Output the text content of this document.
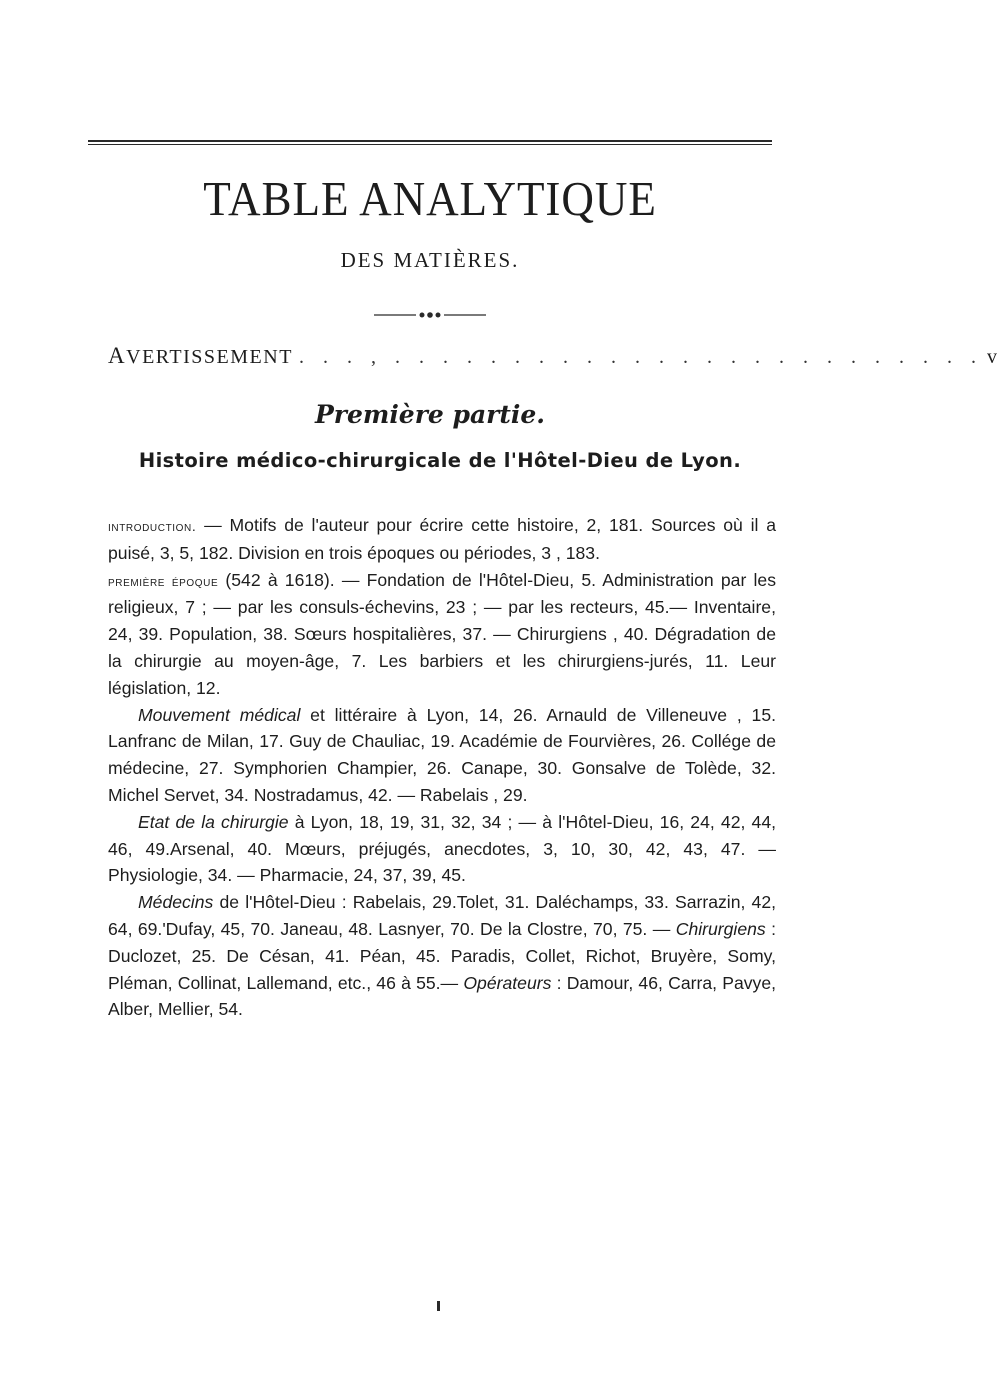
TABLE ANALYTIQUE
DES MATIÈRES.
AVERTISSEMENT . . . , . . . . . . . . . . . . . . . . . . . . . . . . . v
Première partie.
Histoire médico-chirurgicale de l'Hôtel-Dieu de Lyon.

introduction. — Motifs de l'auteur pour écrire cette histoire, 2, 181. Sources où il a puisé, 3, 5, 182. Division en trois époques ou périodes, 3 , 183.

première époque (542 à 1618). — Fondation de l'Hôtel-Dieu, 5. Administration par les religieux, 7 ; — par les consuls-échevins, 23 ; — par les recteurs, 45.— Inventaire, 24, 39. Population, 38. Sœurs hospitalières, 37. — Chirurgiens , 40. Dégradation de la chirurgie au moyen-âge, 7. Les barbiers et les chirurgiens-jurés, 11. Leur législation, 12.

Mouvement médical et littéraire à Lyon, 14, 26. Arnauld de Villeneuve , 15. Lanfranc de Milan, 17. Guy de Chauliac, 19. Académie de Fourvières, 26. Collége de médecine, 27. Symphorien Champier, 26. Canape, 30. Gonsalve de Tolède, 32. Michel Servet, 34. Nostradamus, 42. — Rabelais , 29.

Etat de la chirurgie à Lyon, 18, 19, 31, 32, 34 ; — à l'Hôtel-Dieu, 16, 24, 42, 44, 46, 49.Arsenal, 40. Mœurs, préjugés, anecdotes, 3, 10, 30, 42, 43, 47. — Physiologie, 34. — Pharmacie, 24, 37, 39, 45.

Médecins de l'Hôtel-Dieu : Rabelais, 29.Tolet, 31. Daléchamps, 33. Sarrazin, 42, 64, 69.'Dufay, 45, 70. Janeau, 48. Lasnyer, 70. De la Clostre, 70, 75. — Chirurgiens : Duclozet, 25. De Césan, 41. Péan, 45. Paradis, Collet, Richot, Bruyère, Somy, Pléman, Collinat, Lallemand, etc., 46 à 55.— Opérateurs : Damour, 46, Carra, Pavye, Alber, Mellier, 54.
